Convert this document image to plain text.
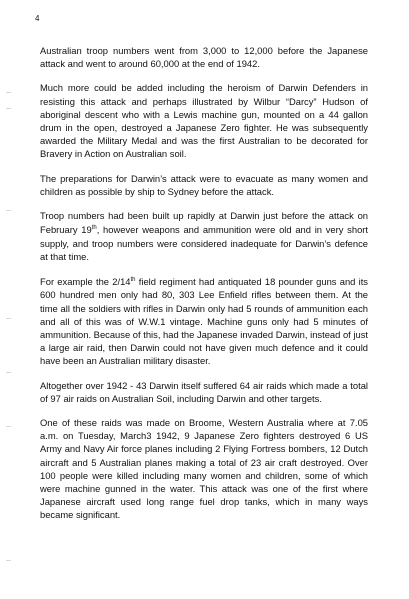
4

Australian troop numbers went from 3,000 to 12,000 before the Japanese attack and went to around 60,000 at the end of 1942.

Much more could be added including the heroism of Darwin Defenders in resisting this attack and perhaps illustrated by Wilbur “Darcy” Hudson of aboriginal descent who with a Lewis machine gun, mounted on a 44 gallon drum in the open, destroyed a Japanese Zero fighter. He was subsequently awarded the Military Medal and was the first Australian to be decorated for Bravery in Action on Australian soil.

The preparations for Darwin’s attack were to evacuate as many women and children as possible by ship to Sydney before the attack.

Troop numbers had been built up rapidly at Darwin just before the attack on February 19th, however weapons and ammunition were old and in very short supply, and troop numbers were considered inadequate for Darwin’s defence at that time.

For example the 2/14th field regiment had antiquated 18 pounder guns and its 600 hundred men only had 80, 303 Lee Enfield rifles between them. At the time all the soldiers with rifles in Darwin only had 5 rounds of ammunition each and all of this was of W.W.1 vintage. Machine guns only had 5 minutes of ammunition. Because of this, had the Japanese invaded Darwin, instead of just a large air raid, then Darwin could not have given much defence and it could have been an Australian military disaster.

Altogether over 1942 - 43 Darwin itself suffered 64 air raids which made a total of 97 air raids on Australian Soil, including Darwin and other targets.

One of these raids was made on Broome, Western Australia where at 7.05 a.m. on Tuesday, March3 1942, 9 Japanese Zero fighters destroyed 6 US Army and Navy Air force planes including 2 Flying Fortress bombers, 12 Dutch aircraft and 5 Australian planes making a total of 23 air craft destroyed. Over 100 people were killed including many women and children, some of which were machine gunned in the water. This attack was one of the first where Japanese aircraft used long range fuel drop tanks, which in many ways became significant.
